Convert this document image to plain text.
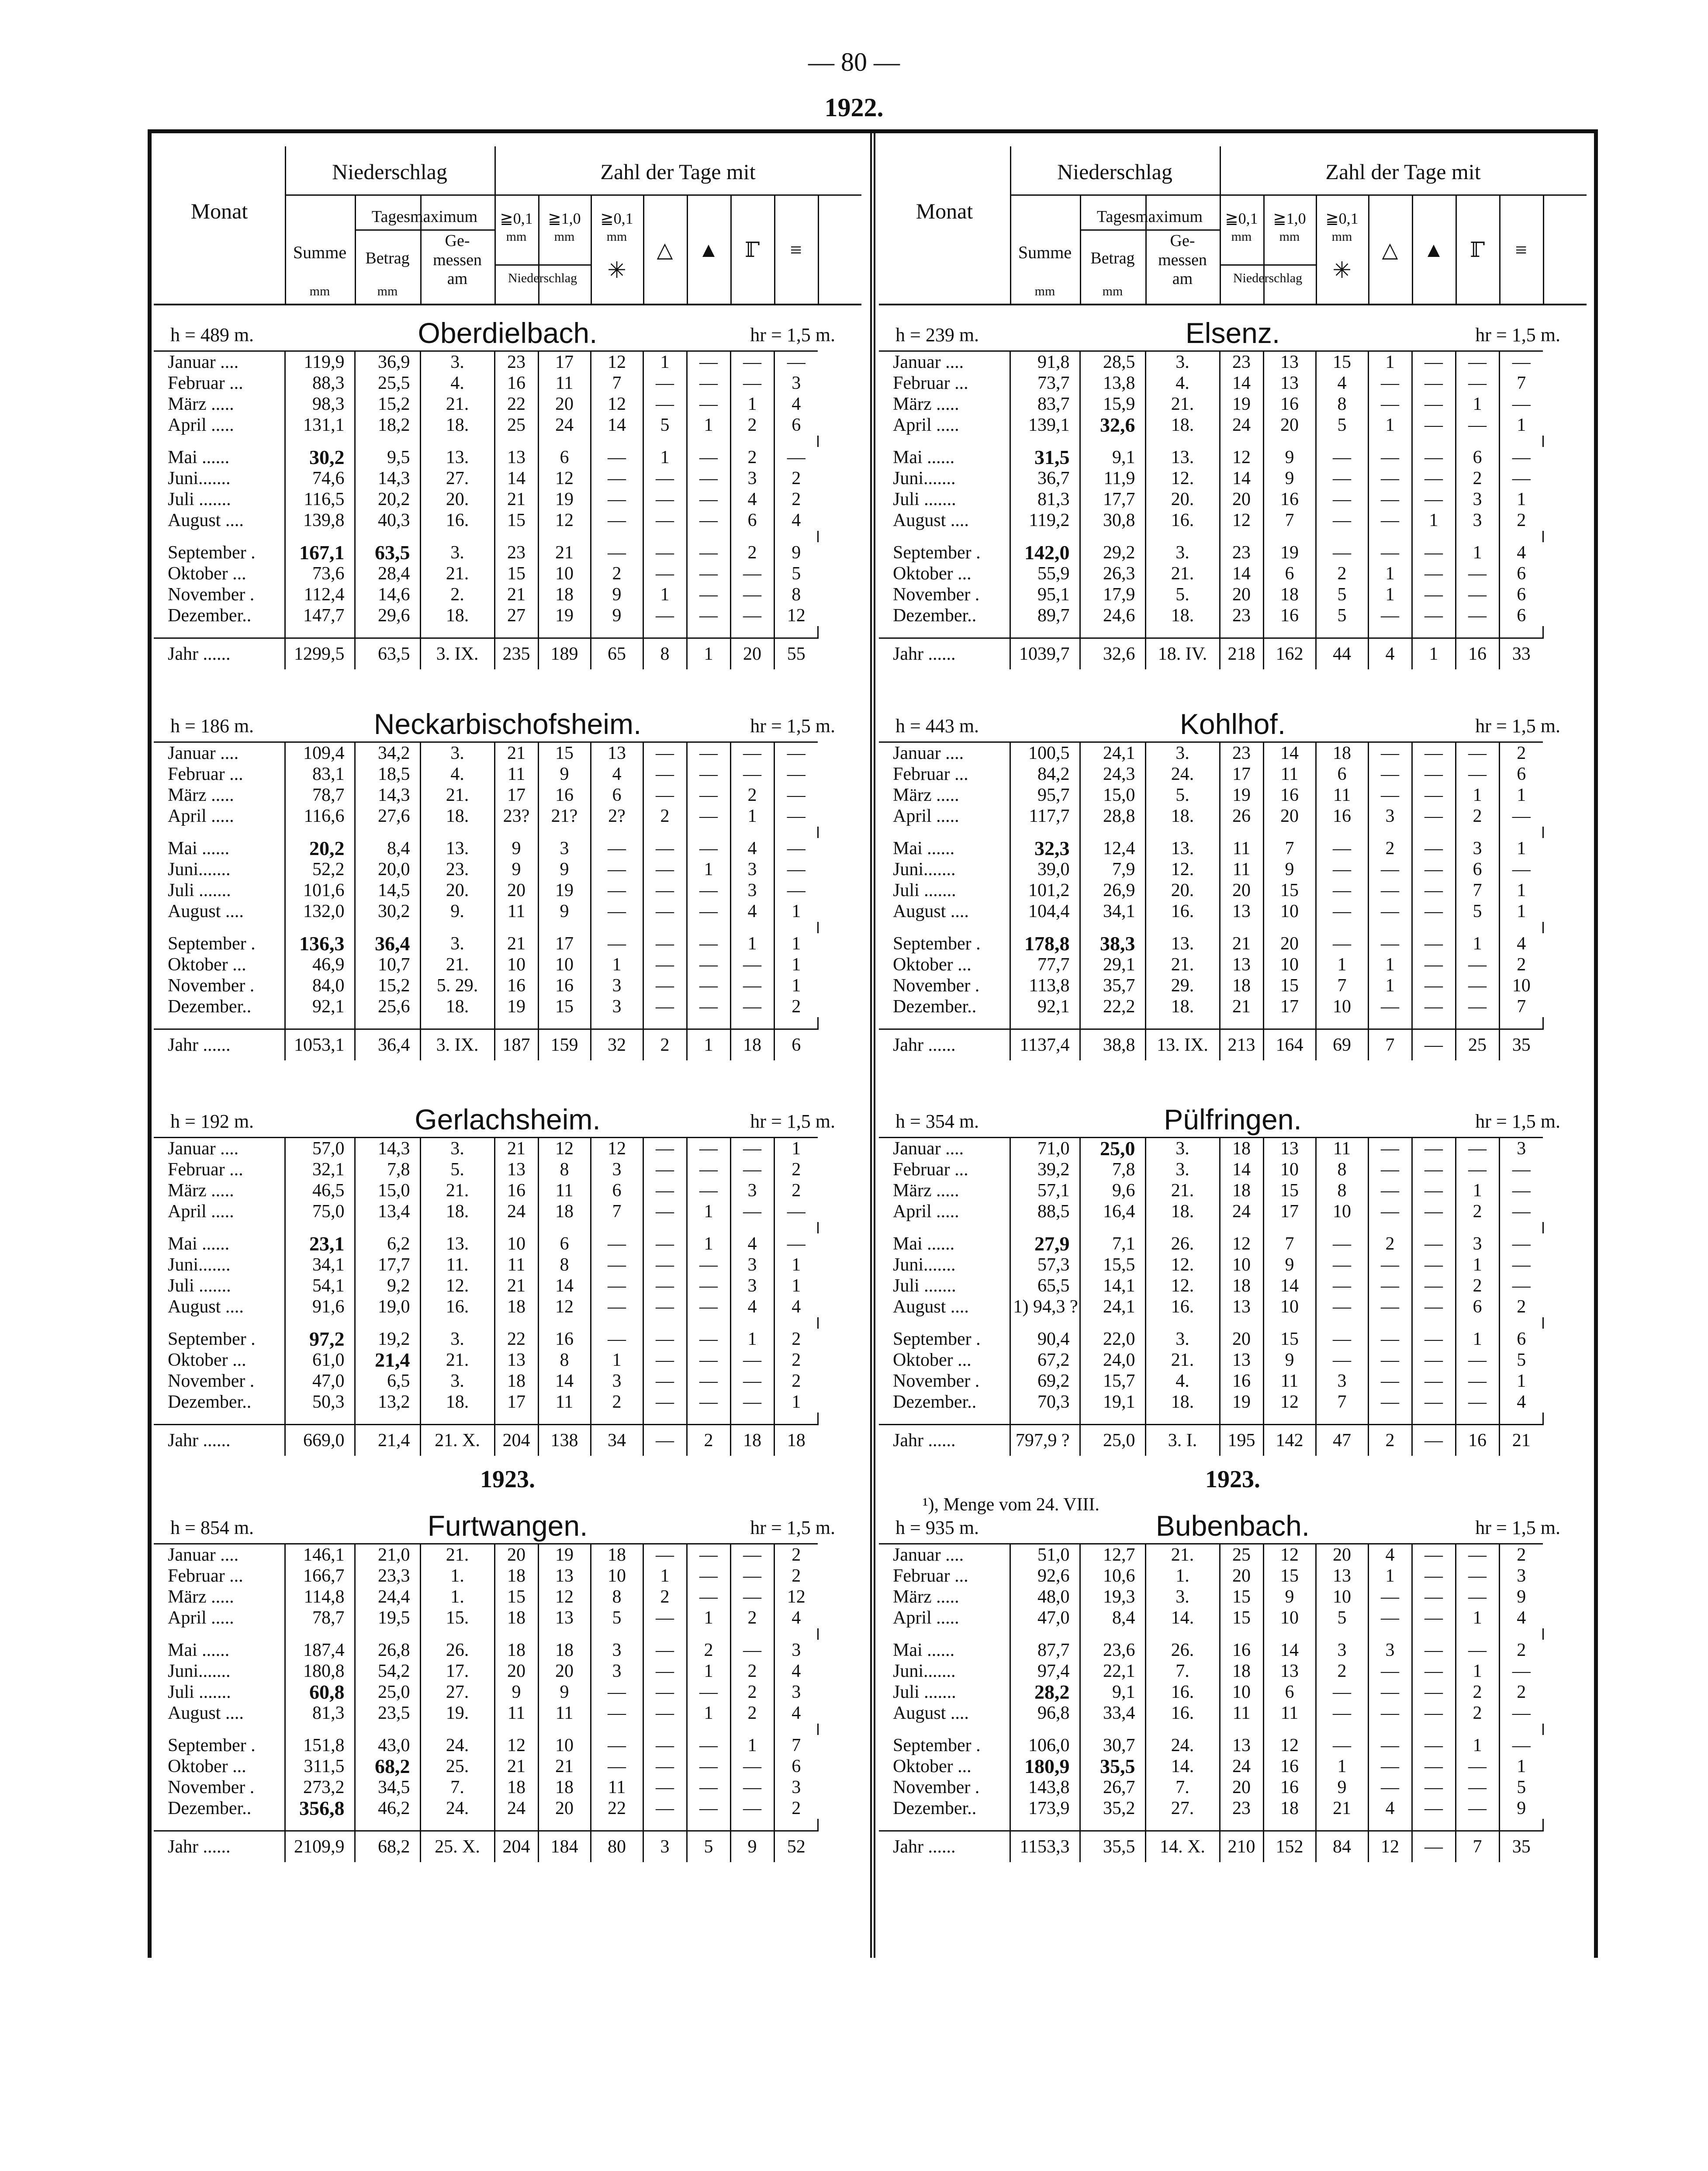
— 80 —
1922.
Monat
Niederschlag	Zahl der Tage mit
Summe
mm
Tagesmaximum
Betrag
mm
Ge-
messen
am
≧0,1
mm
≧1,0
mm
≧0,1
mm
Niederschlag	✳
△	▲	ℾ	≡
h = 489 m.	Oberdielbach.	hr = 1,5 m.
Januar ....	119,9	36,9	3.	23	17	12	1	—	—	—	
Februar ...	88,3	25,5	4.	16	11	7	—	—	—	3	
März .....	98,3	15,2	21.	22	20	12	—	—	1	4	
April .....	131,1	18,2	18.	25	24	14	5	1	2	6	

Mai ......	30,2	9,5	13.	13	6	—	1	—	2	—	
Juni.......	74,6	14,3	27.	14	12	—	—	—	3	2	
Juli .......	116,5	20,2	20.	21	19	—	—	—	4	2	
August ....	139,8	40,3	16.	15	12	—	—	—	6	4	

September .	167,1	63,5	3.	23	21	—	—	—	2	9	
Oktober ...	73,6	28,4	21.	15	10	2	—	—	—	5	
November .	112,4	14,6	2.	21	18	9	1	—	—	8	
Dezember..	147,7	29,6	18.	27	19	9	—	—	—	12	

Jahr ......	1299,5	63,5	3. IX.	235	189	65	8	1	20	55	
h = 186 m.	Neckarbischofsheim.	hr = 1,5 m.
Januar ....	109,4	34,2	3.	21	15	13	—	—	—	—	
Februar ...	83,1	18,5	4.	11	9	4	—	—	—	—	
März .....	78,7	14,3	21.	17	16	6	—	—	2	—	
April .....	116,6	27,6	18.	23?	21?	2?	2	—	1	—	

Mai ......	20,2	8,4	13.	9	3	—	—	—	4	—	
Juni.......	52,2	20,0	23.	9	9	—	—	1	3	—	
Juli .......	101,6	14,5	20.	20	19	—	—	—	3	—	
August ....	132,0	30,2	9.	11	9	—	—	—	4	1	

September .	136,3	36,4	3.	21	17	—	—	—	1	1	
Oktober ...	46,9	10,7	21.	10	10	1	—	—	—	1	
November .	84,0	15,2	5. 29.	16	16	3	—	—	—	1	
Dezember..	92,1	25,6	18.	19	15	3	—	—	—	2	

Jahr ......	1053,1	36,4	3. IX.	187	159	32	2	1	18	6	
h = 192 m.	Gerlachsheim.	hr = 1,5 m.
Januar ....	57,0	14,3	3.	21	12	12	—	—	—	1	
Februar ...	32,1	7,8	5.	13	8	3	—	—	—	2	
März .....	46,5	15,0	21.	16	11	6	—	—	3	2	
April .....	75,0	13,4	18.	24	18	7	—	1	—	—	

Mai ......	23,1	6,2	13.	10	6	—	—	1	4	—	
Juni.......	34,1	17,7	11.	11	8	—	—	—	3	1	
Juli .......	54,1	9,2	12.	21	14	—	—	—	3	1	
August ....	91,6	19,0	16.	18	12	—	—	—	4	4	

September .	97,2	19,2	3.	22	16	—	—	—	1	2	
Oktober ...	61,0	21,4	21.	13	8	1	—	—	—	2	
November .	47,0	6,5	3.	18	14	3	—	—	—	2	
Dezember..	50,3	13,2	18.	17	11	2	—	—	—	1	

Jahr ......	669,0	21,4	21. X.	204	138	34	—	2	18	18	
h = 854 m.	Furtwangen.	hr = 1,5 m.
1923.
Januar ....	146,1	21,0	21.	20	19	18	—	—	—	2	
Februar ...	166,7	23,3	1.	18	13	10	1	—	—	2	
März .....	114,8	24,4	1.	15	12	8	2	—	—	12	
April .....	78,7	19,5	15.	18	13	5	—	1	2	4	

Mai ......	187,4	26,8	26.	18	18	3	—	2	—	3	
Juni.......	180,8	54,2	17.	20	20	3	—	1	2	4	
Juli .......	60,8	25,0	27.	9	9	—	—	—	2	3	
August ....	81,3	23,5	19.	11	11	—	—	1	2	4	

September .	151,8	43,0	24.	12	10	—	—	—	1	7	
Oktober ...	311,5	68,2	25.	21	21	—	—	—	—	6	
November .	273,2	34,5	7.	18	18	11	—	—	—	3	
Dezember..	356,8	46,2	24.	24	20	22	—	—	—	2	

Jahr ......	2109,9	68,2	25. X.	204	184	80	3	5	9	52	
Monat
Niederschlag	Zahl der Tage mit
Summe
mm
Tagesmaximum
Betrag
mm
Ge-
messen
am
≧0,1
mm
≧1,0
mm
≧0,1
mm
Niederschlag	✳
△	▲	ℾ	≡
h = 239 m.	Elsenz.	hr = 1,5 m.
Januar ....	91,8	28,5	3.	23	13	15	1	—	—	—	
Februar ...	73,7	13,8	4.	14	13	4	—	—	—	7	
März .....	83,7	15,9	21.	19	16	8	—	—	1	—	
April .....	139,1	32,6	18.	24	20	5	1	—	—	1	

Mai ......	31,5	9,1	13.	12	9	—	—	—	6	—	
Juni.......	36,7	11,9	12.	14	9	—	—	—	2	—	
Juli .......	81,3	17,7	20.	20	16	—	—	—	3	1	
August ....	119,2	30,8	16.	12	7	—	—	1	3	2	

September .	142,0	29,2	3.	23	19	—	—	—	1	4	
Oktober ...	55,9	26,3	21.	14	6	2	1	—	—	6	
November .	95,1	17,9	5.	20	18	5	1	—	—	6	
Dezember..	89,7	24,6	18.	23	16	5	—	—	—	6	

Jahr ......	1039,7	32,6	18. IV.	218	162	44	4	1	16	33	
h = 443 m.	Kohlhof.	hr = 1,5 m.
Januar ....	100,5	24,1	3.	23	14	18	—	—	—	2	
Februar ...	84,2	24,3	24.	17	11	6	—	—	—	6	
März .....	95,7	15,0	5.	19	16	11	—	—	1	1	
April .....	117,7	28,8	18.	26	20	16	3	—	2	—	

Mai ......	32,3	12,4	13.	11	7	—	2	—	3	1	
Juni.......	39,0	7,9	12.	11	9	—	—	—	6	—	
Juli .......	101,2	26,9	20.	20	15	—	—	—	7	1	
August ....	104,4	34,1	16.	13	10	—	—	—	5	1	

September .	178,8	38,3	13.	21	20	—	—	—	1	4	
Oktober ...	77,7	29,1	21.	13	10	1	1	—	—	2	
November .	113,8	35,7	29.	18	15	7	1	—	—	10	
Dezember..	92,1	22,2	18.	21	17	10	—	—	—	7	

Jahr ......	1137,4	38,8	13. IX.	213	164	69	7	—	25	35	
h = 354 m.	Pülfringen.	hr = 1,5 m.
Januar ....	71,0	25,0	3.	18	13	11	—	—	—	3	
Februar ...	39,2	7,8	3.	14	10	8	—	—	—	—	
März .....	57,1	9,6	21.	18	15	8	—	—	1	—	
April .....	88,5	16,4	18.	24	17	10	—	—	2	—	

Mai ......	27,9	7,1	26.	12	7	—	2	—	3	—	
Juni.......	57,3	15,5	12.	10	9	—	—	—	1	—	
Juli .......	65,5	14,1	12.	18	14	—	—	—	2	—	
August ....	1) 94,3 ?	24,1	16.	13	10	—	—	—	6	2	

September .	90,4	22,0	3.	20	15	—	—	—	1	6	
Oktober ...	67,2	24,0	21.	13	9	—	—	—	—	5	
November .	69,2	15,7	4.	16	11	3	—	—	—	1	
Dezember..	70,3	19,1	18.	19	12	7	—	—	—	4	

Jahr ......	797,9 ?	25,0	3. I.	195	142	47	2	—	16	21	
¹), Menge vom 24. VIII.
h = 935 m.	Bubenbach.	hr = 1,5 m.
1923.
Januar ....	51,0	12,7	21.	25	12	20	4	—	—	2	
Februar ...	92,6	10,6	1.	20	15	13	1	—	—	3	
März .....	48,0	19,3	3.	15	9	10	—	—	—	9	
April .....	47,0	8,4	14.	15	10	5	—	—	1	4	

Mai ......	87,7	23,6	26.	16	14	3	3	—	—	2	
Juni.......	97,4	22,1	7.	18	13	2	—	—	1	—	
Juli .......	28,2	9,1	16.	10	6	—	—	—	2	2	
August ....	96,8	33,4	16.	11	11	—	—	—	2	—	

September .	106,0	30,7	24.	13	12	—	—	—	1	—	
Oktober ...	180,9	35,5	14.	24	16	1	—	—	—	1	
November .	143,8	26,7	7.	20	16	9	—	—	—	5	
Dezember..	173,9	35,2	27.	23	18	21	4	—	—	9	

Jahr ......	1153,3	35,5	14. X.	210	152	84	12	—	7	35	
